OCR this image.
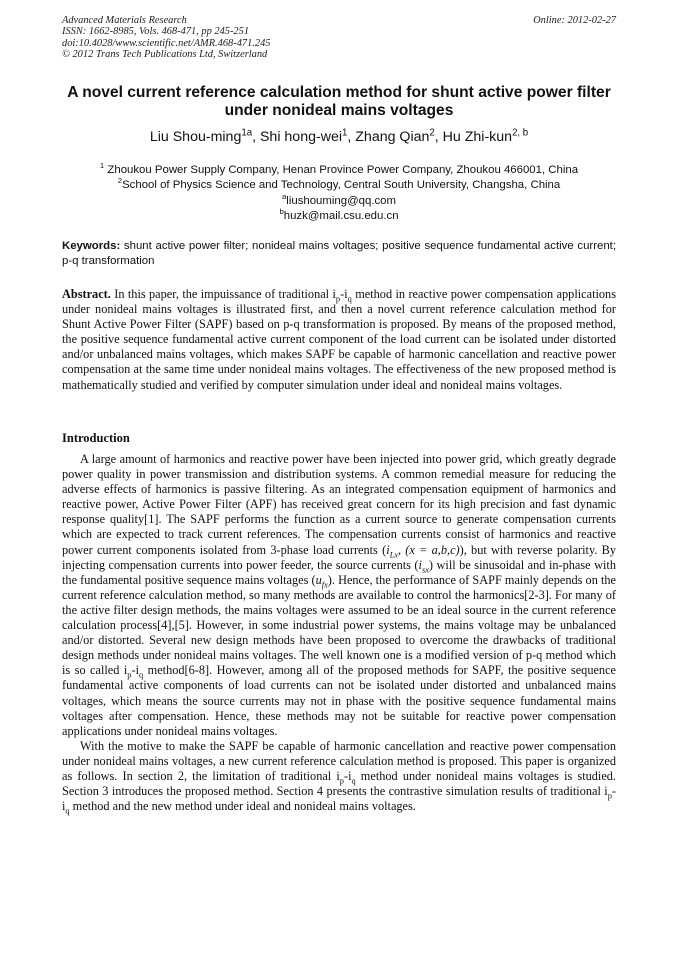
Advanced Materials Research
ISSN: 1662-8985, Vols. 468-471, pp 245-251
doi:10.4028/www.scientific.net/AMR.468-471.245
© 2012 Trans Tech Publications Ltd, Switzerland
Online: 2012-02-27
A novel current reference calculation method for shunt active power filter under nonideal mains voltages
Liu Shou-ming$^{1a}$, Shi hong-wei$^1$, Zhang Qian$^2$, Hu Zhi-kun$^{2, b}$
$^1$ Zhoukou Power Supply Company, Henan Province Power Company, Zhoukou 466001, China
$^2$School of Physics Science and Technology, Central South University, Changsha, China
$^a$liushouming@qq.com
$^b$huzk@mail.csu.edu.cn
Keywords: shunt active power filter; nonideal mains voltages; positive sequence fundamental active current; p-q transformation

Abstract. In this paper, the impuissance of traditional $i_p-i_q$ method in reactive power compensation applications under nonideal mains voltages is illustrated first, and then a novel current reference calculation method for Shunt Active Power Filter (SAPF) based on p-q transformation is proposed. By means of the proposed method, the positive sequence fundamental active current component of the load current can be isolated under distorted and/or unbalanced mains voltages, which makes SAPF be capable of harmonic cancellation and reactive power compensation at the same time under nonideal mains voltages. The effectiveness of the new proposed method is mathematically studied and verified by computer simulation under ideal and nonideal mains voltages.

Introduction

A large amount of harmonics and reactive power have been injected into power grid, which greatly degrade power quality in power transmission and distribution systems. A common remedial measure for reducing the adverse effects of harmonics is passive filtering. As an integrated compensation equipment of harmonics and reactive power, Active Power Filter (APF) has received great concern for its high precision and fast dynamic response quality[1]. The SAPF performs the function as a current source to generate compensation currents which are expected to track current references. The compensation currents consist of harmonics and reactive power current components isolated from 3-phase load currents ($i_{Lx}$, (x = a,b,c)), but with reverse polarity. By injecting compensation currents into power feeder, the source currents $(i_{sx})$ will be sinusoidal and in-phase with the fundamental positive sequence mains voltages $(u_{fx})$. Hence, the performance of SAPF mainly depends on the current reference calculation method, so many methods are available to control the harmonics[2-3]. For many of the active filter design methods, the mains voltages were assumed to be an ideal source in the current reference calculation process[4],[5]. However, in some industrial power systems, the mains voltage may be unbalanced and/or distorted. Several new design methods have been proposed to overcome the drawbacks of traditional design methods under nonideal mains voltages. The well known one is a modified version of p-q method which is so called $i_p-i_q$ method[6-8]. However, among all of the proposed methods for SAPF, the positive sequence fundamental active components of load currents can not be isolated under distorted and unbalanced mains voltages, which means the source currents may not in phase with the positive sequence fundamental mains voltages after compensation. Hence, these methods may not be suitable for reactive power compensation applications under nonideal mains voltages.

With the motive to make the SAPF be capable of harmonic cancellation and reactive power compensation under nonideal mains voltages, a new current reference calculation method is proposed. This paper is organized as follows. In section 2, the limitation of traditional $i_p-i_q$ method under nonideal mains voltages is studied. Section 3 introduces the proposed method. Section 4 presents the contrastive simulation results of traditional $i_p-i_q$ method and the new method under ideal and nonideal mains voltages.
